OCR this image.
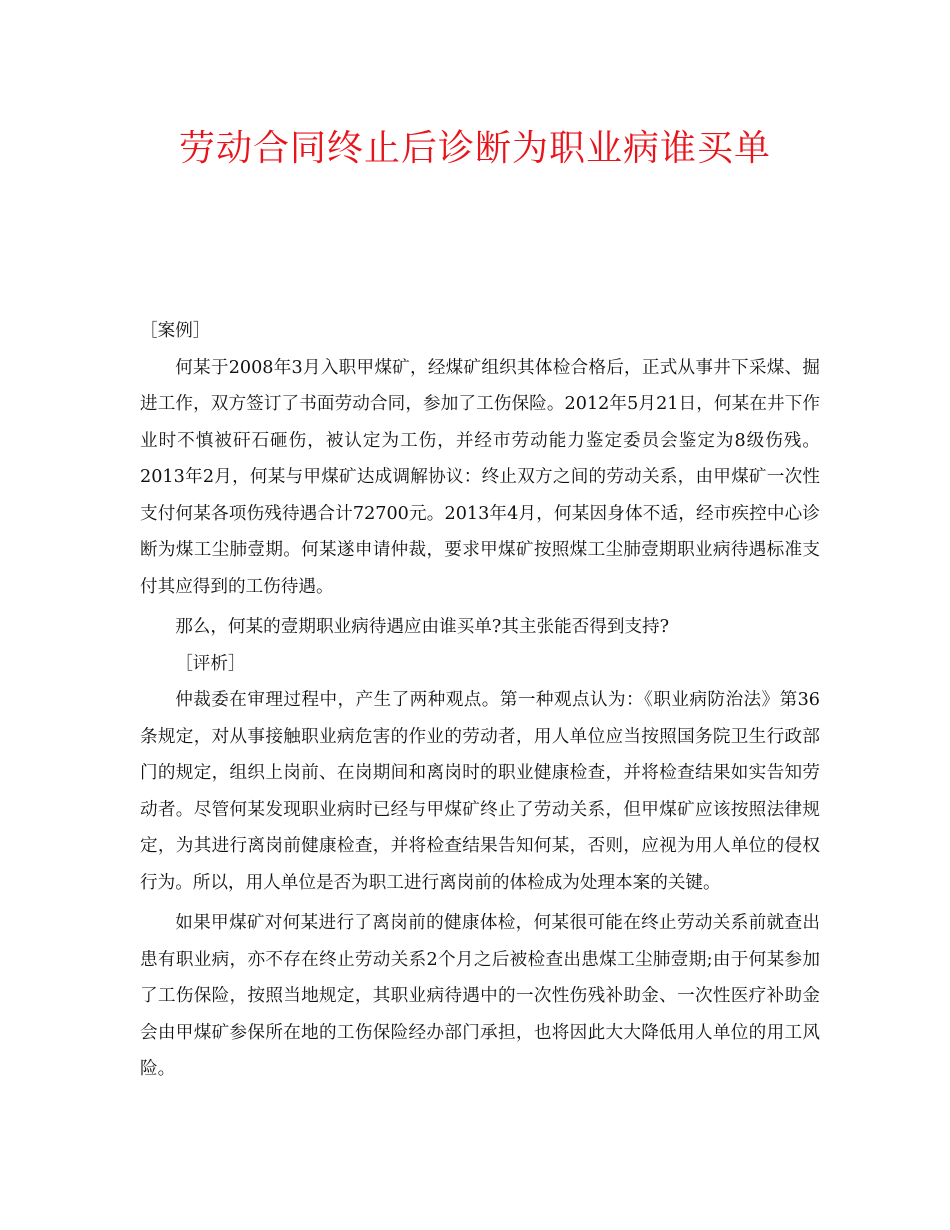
劳动合同终止后诊断为职业病谁买单

［案例］

何某于2008年3月入职甲煤矿，经煤矿组织其体检合格后，正式从事井下采煤、掘进工作，双方签订了书面劳动合同，参加了工伤保险。2012年5月21日，何某在井下作业时不慎被矸石砸伤，被认定为工伤，并经市劳动能力鉴定委员会鉴定为8级伤残。2013年2月，何某与甲煤矿达成调解协议：终止双方之间的劳动关系，由甲煤矿一次性支付何某各项伤残待遇合计72700元。2013年4月，何某因身体不适，经市疾控中心诊断为煤工尘肺壹期。何某遂申请仲裁，要求甲煤矿按照煤工尘肺壹期职业病待遇标准支付其应得到的工伤待遇。

那么，何某的壹期职业病待遇应由谁买单?其主张能否得到支持?

［评析］

仲裁委在审理过程中，产生了两种观点。第一种观点认为：《职业病防治法》第36条规定，对从事接触职业病危害的作业的劳动者，用人单位应当按照国务院卫生行政部门的规定，组织上岗前、在岗期间和离岗时的职业健康检查，并将检查结果如实告知劳动者。尽管何某发现职业病时已经与甲煤矿终止了劳动关系，但甲煤矿应该按照法律规定，为其进行离岗前健康检查，并将检查结果告知何某，否则，应视为用人单位的侵权行为。所以，用人单位是否为职工进行离岗前的体检成为处理本案的关键。

如果甲煤矿对何某进行了离岗前的健康体检，何某很可能在终止劳动关系前就查出患有职业病，亦不存在终止劳动关系2个月之后被检查出患煤工尘肺壹期;由于何某参加了工伤保险，按照当地规定，其职业病待遇中的一次性伤残补助金、一次性医疗补助金会由甲煤矿参保所在地的工伤保险经办部门承担，也将因此大大降低用人单位的用工风险。
